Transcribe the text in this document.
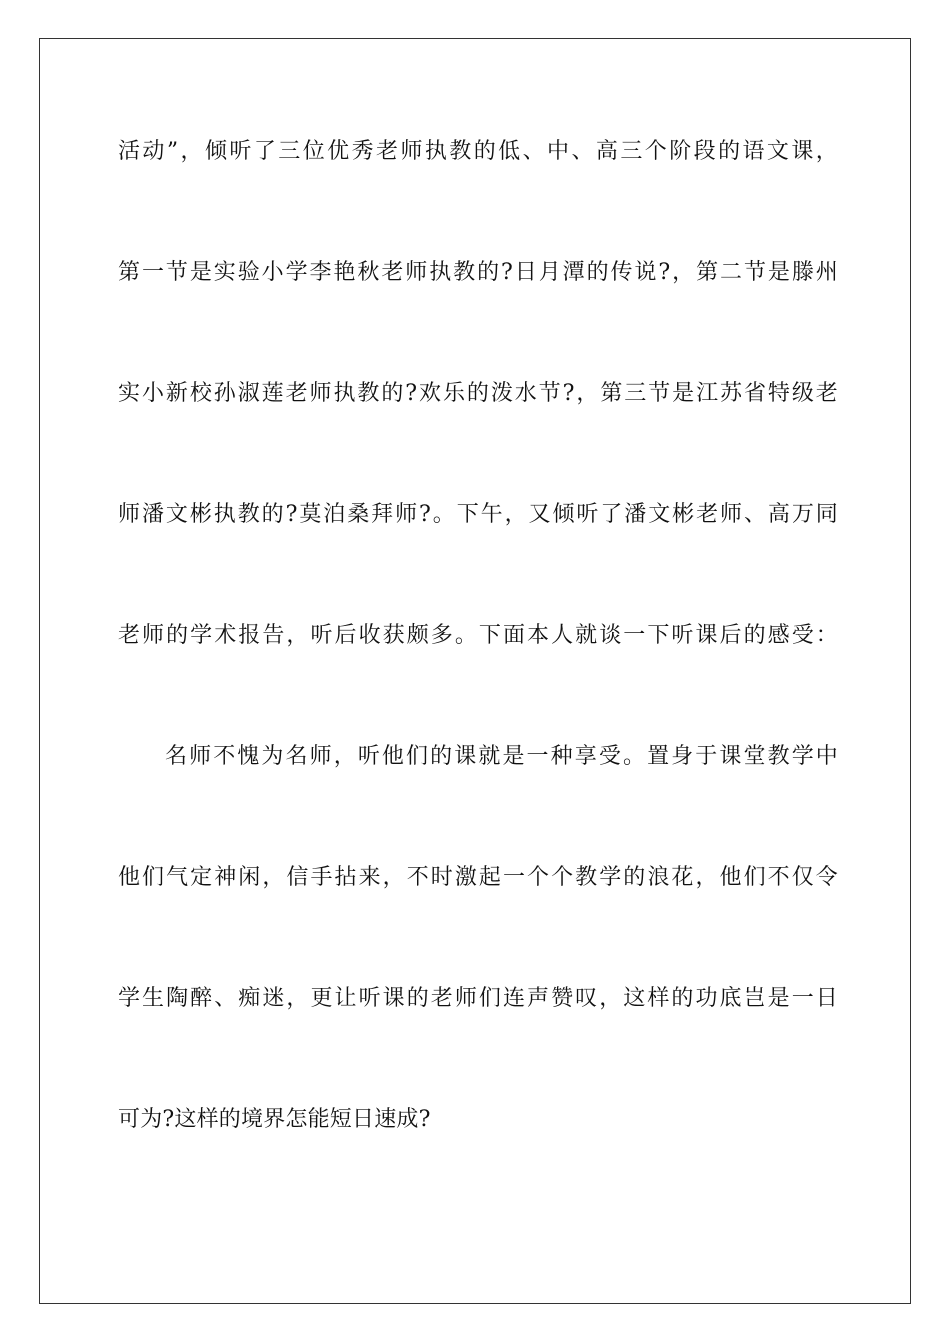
活动”，倾听了三位优秀老师执教的低、中、高三个阶段的语文课，
第一节是实验小学李艳秋老师执教的?日月潭的传说?，第二节是滕州
实小新校孙淑莲老师执教的?欢乐的泼水节?，第三节是江苏省特级老
师潘文彬执教的?莫泊桑拜师?。下午，又倾听了潘文彬老师、高万同
老师的学术报告，听后收获颇多。下面本人就谈一下听课后的感受：
名师不愧为名师，听他们的课就是一种享受。置身于课堂教学中
他们气定神闲，信手拈来，不时激起一个个教学的浪花，他们不仅令
学生陶醉、痴迷，更让听课的老师们连声赞叹，这样的功底岂是一日
可为?这样的境界怎能短日速成?
